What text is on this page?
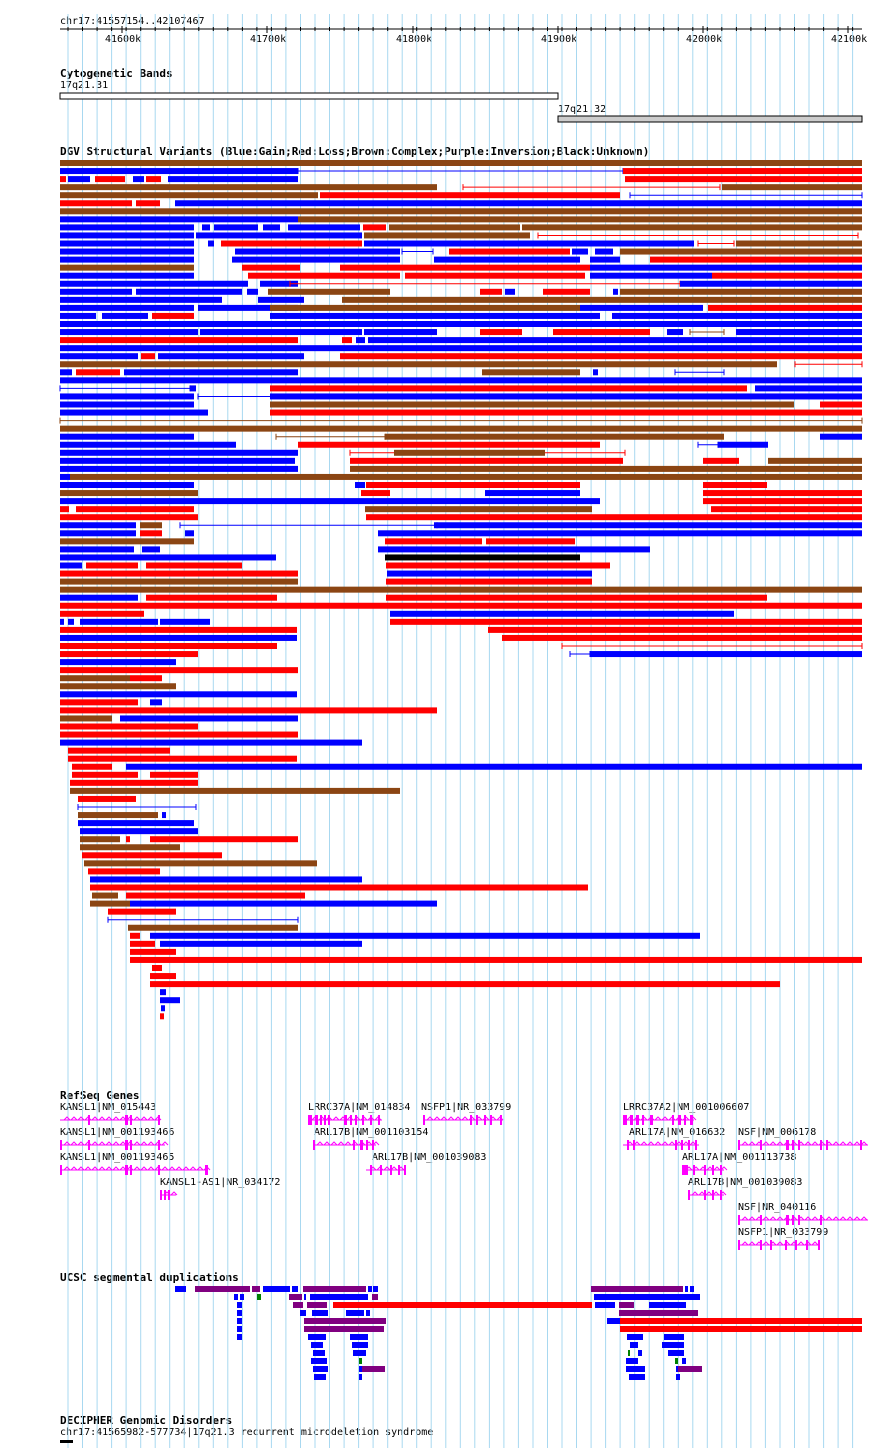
chr17:41557154..42107467
41600k	41700k	41800k	41900k	42000k	42100k
Cytogenetic Bands
17q21.31
17q21.32
DGV Structural Variants (Blue:Gain;Red:Loss;Brown:Complex;Purple:Inversion;Black:Unknown)
RefSeq Genes
KANSL1|NM_015443
KANSL1|NM_001193466
KANSL1|NM_001193465
KANSL1-AS1|NR_034172
LRRC37A|NM_014834
ARL17B|NM_001103154
ARL17B|NM_001039083
NSFP1|NR_033799	LRRC37A2|NM_001006607
ARL17A|NM_016632
ARL17A|NM_001113738
ARL17B|NM_001039083
NSF|NM_006178
NSF|NR_040116
NSFP1|NR_033799
UCSC segmental duplications
DECIPHER Genomic Disorders
chr17:41565982-577734|17q21.3 recurrent microdeletion syndrome
